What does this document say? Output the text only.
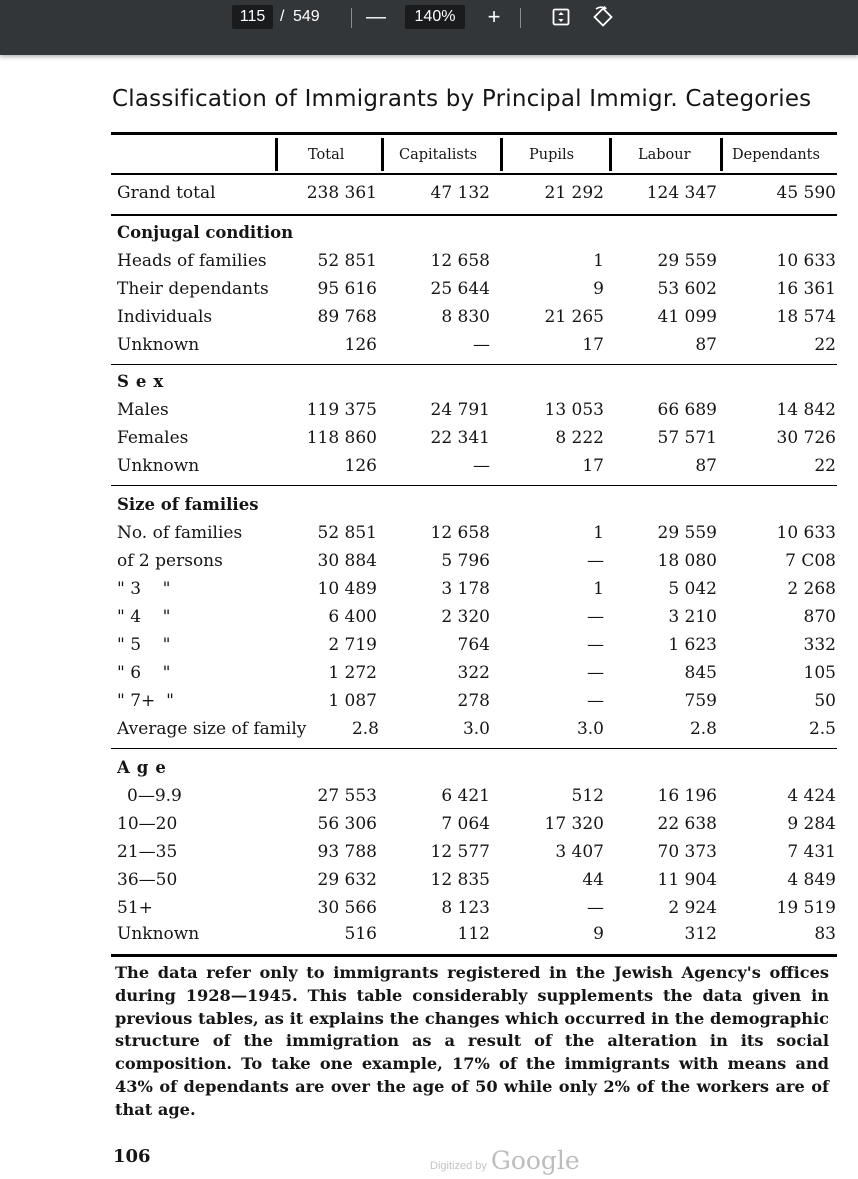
115 / 549 —	140%	+
Classification of Immigrants by Principal Immigr. Categories
Total	Capitalists	Pupils	Labour	Dependants
Grand total	238 361	47 132	21 292	124 347	45 590
Conjugal condition
Heads of families	52 851	12 658	1	29 559	10 633
Their dependants	95 616	25 644	9	53 602	16 361
Individuals	89 768	8 830	21 265	41 099	18 574
Unknown	126	—	17	87	22
Sex
Males	119 375	24 791	13 053	66 689	14 842
Females	118 860	22 341	8 222	57 571	30 726
Unknown	126	—	17	87	22
Size of families
No. of families	52 851	12 658	1	29 559	10 633
of 2 persons	30 884	5 796	—	18 080	7 C08
" 3    "	10 489	3 178	1	5 042	2 268
" 4    "	6 400	2 320	—	3 210	870
" 5    "	2 719	764	—	1 623	332
" 6    "	1 272	322	—	845	105
" 7+  "	1 087	278	—	759	50
Average size of family	2.8	3.0	3.0	2.8	2.5
Age
0—9.9	27 553	6 421	512	16 196	4 424
10—20	56 306	7 064	17 320	22 638	9 284
21—35	93 788	12 577	3 407	70 373	7 431
36—50	29 632	12 835	44	11 904	4 849
51+	30 566	8 123	—	2 924	19 519
Unknown	516	112	9	312	83
The data refer only to immigrants registered in the Jewish Agency's offices during 1928—1945. This table considerably supplements the data given in previous tables, as it explains the changes which occurred in the demographic structure of the immigration as a result of the alteration in its social composition. To take one example, 17% of the immigrants with means and 43% of dependants are over the age of 50 while only 2% of the workers are of that age.
106	Digitized by Google
